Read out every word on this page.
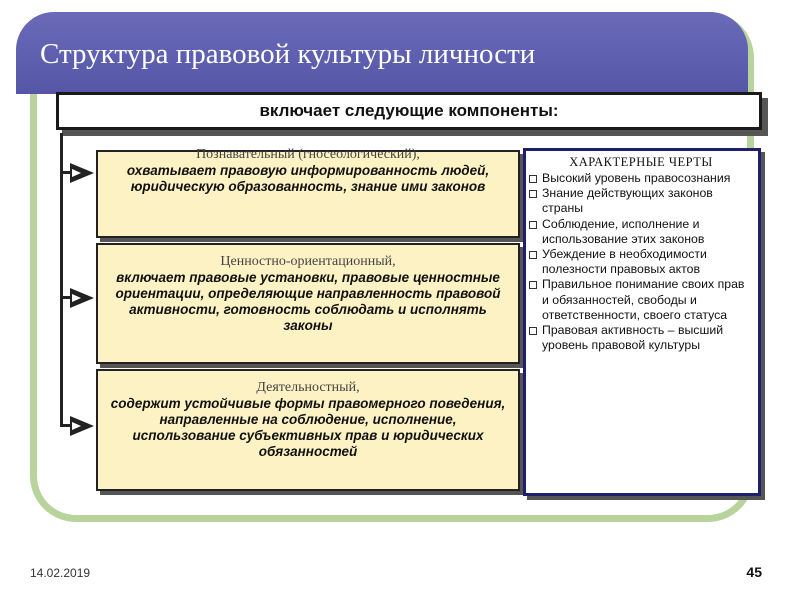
Структура правовой культуры личности
включает следующие компоненты:
Познавательный (гносеологический),
охватывает правовую информированность людей, юридическую образованность, знание ими законов
Ценностно-ориентационный,
включает правовые установки, правовые ценностные ориентации, определяющие направленность правовой активности, готовность соблюдать и исполнять законы
Деятельностный,
содержит устойчивые формы правомерного поведения, направленные на соблюдение, исполнение, использование субъективных прав и юридических обязанностей
ХАРАКТЕРНЫЕ ЧЕРТЫ
Высокий уровень правосознания
Знание действующих законов страны
Соблюдение, исполнение и использование этих законов
Убеждение в необходимости полезности правовых актов
Правильное понимание своих прав и обязанностей, свободы и ответственности, своего статуса
Правовая активность – высший уровень правовой культуры
14.02.2019	45
